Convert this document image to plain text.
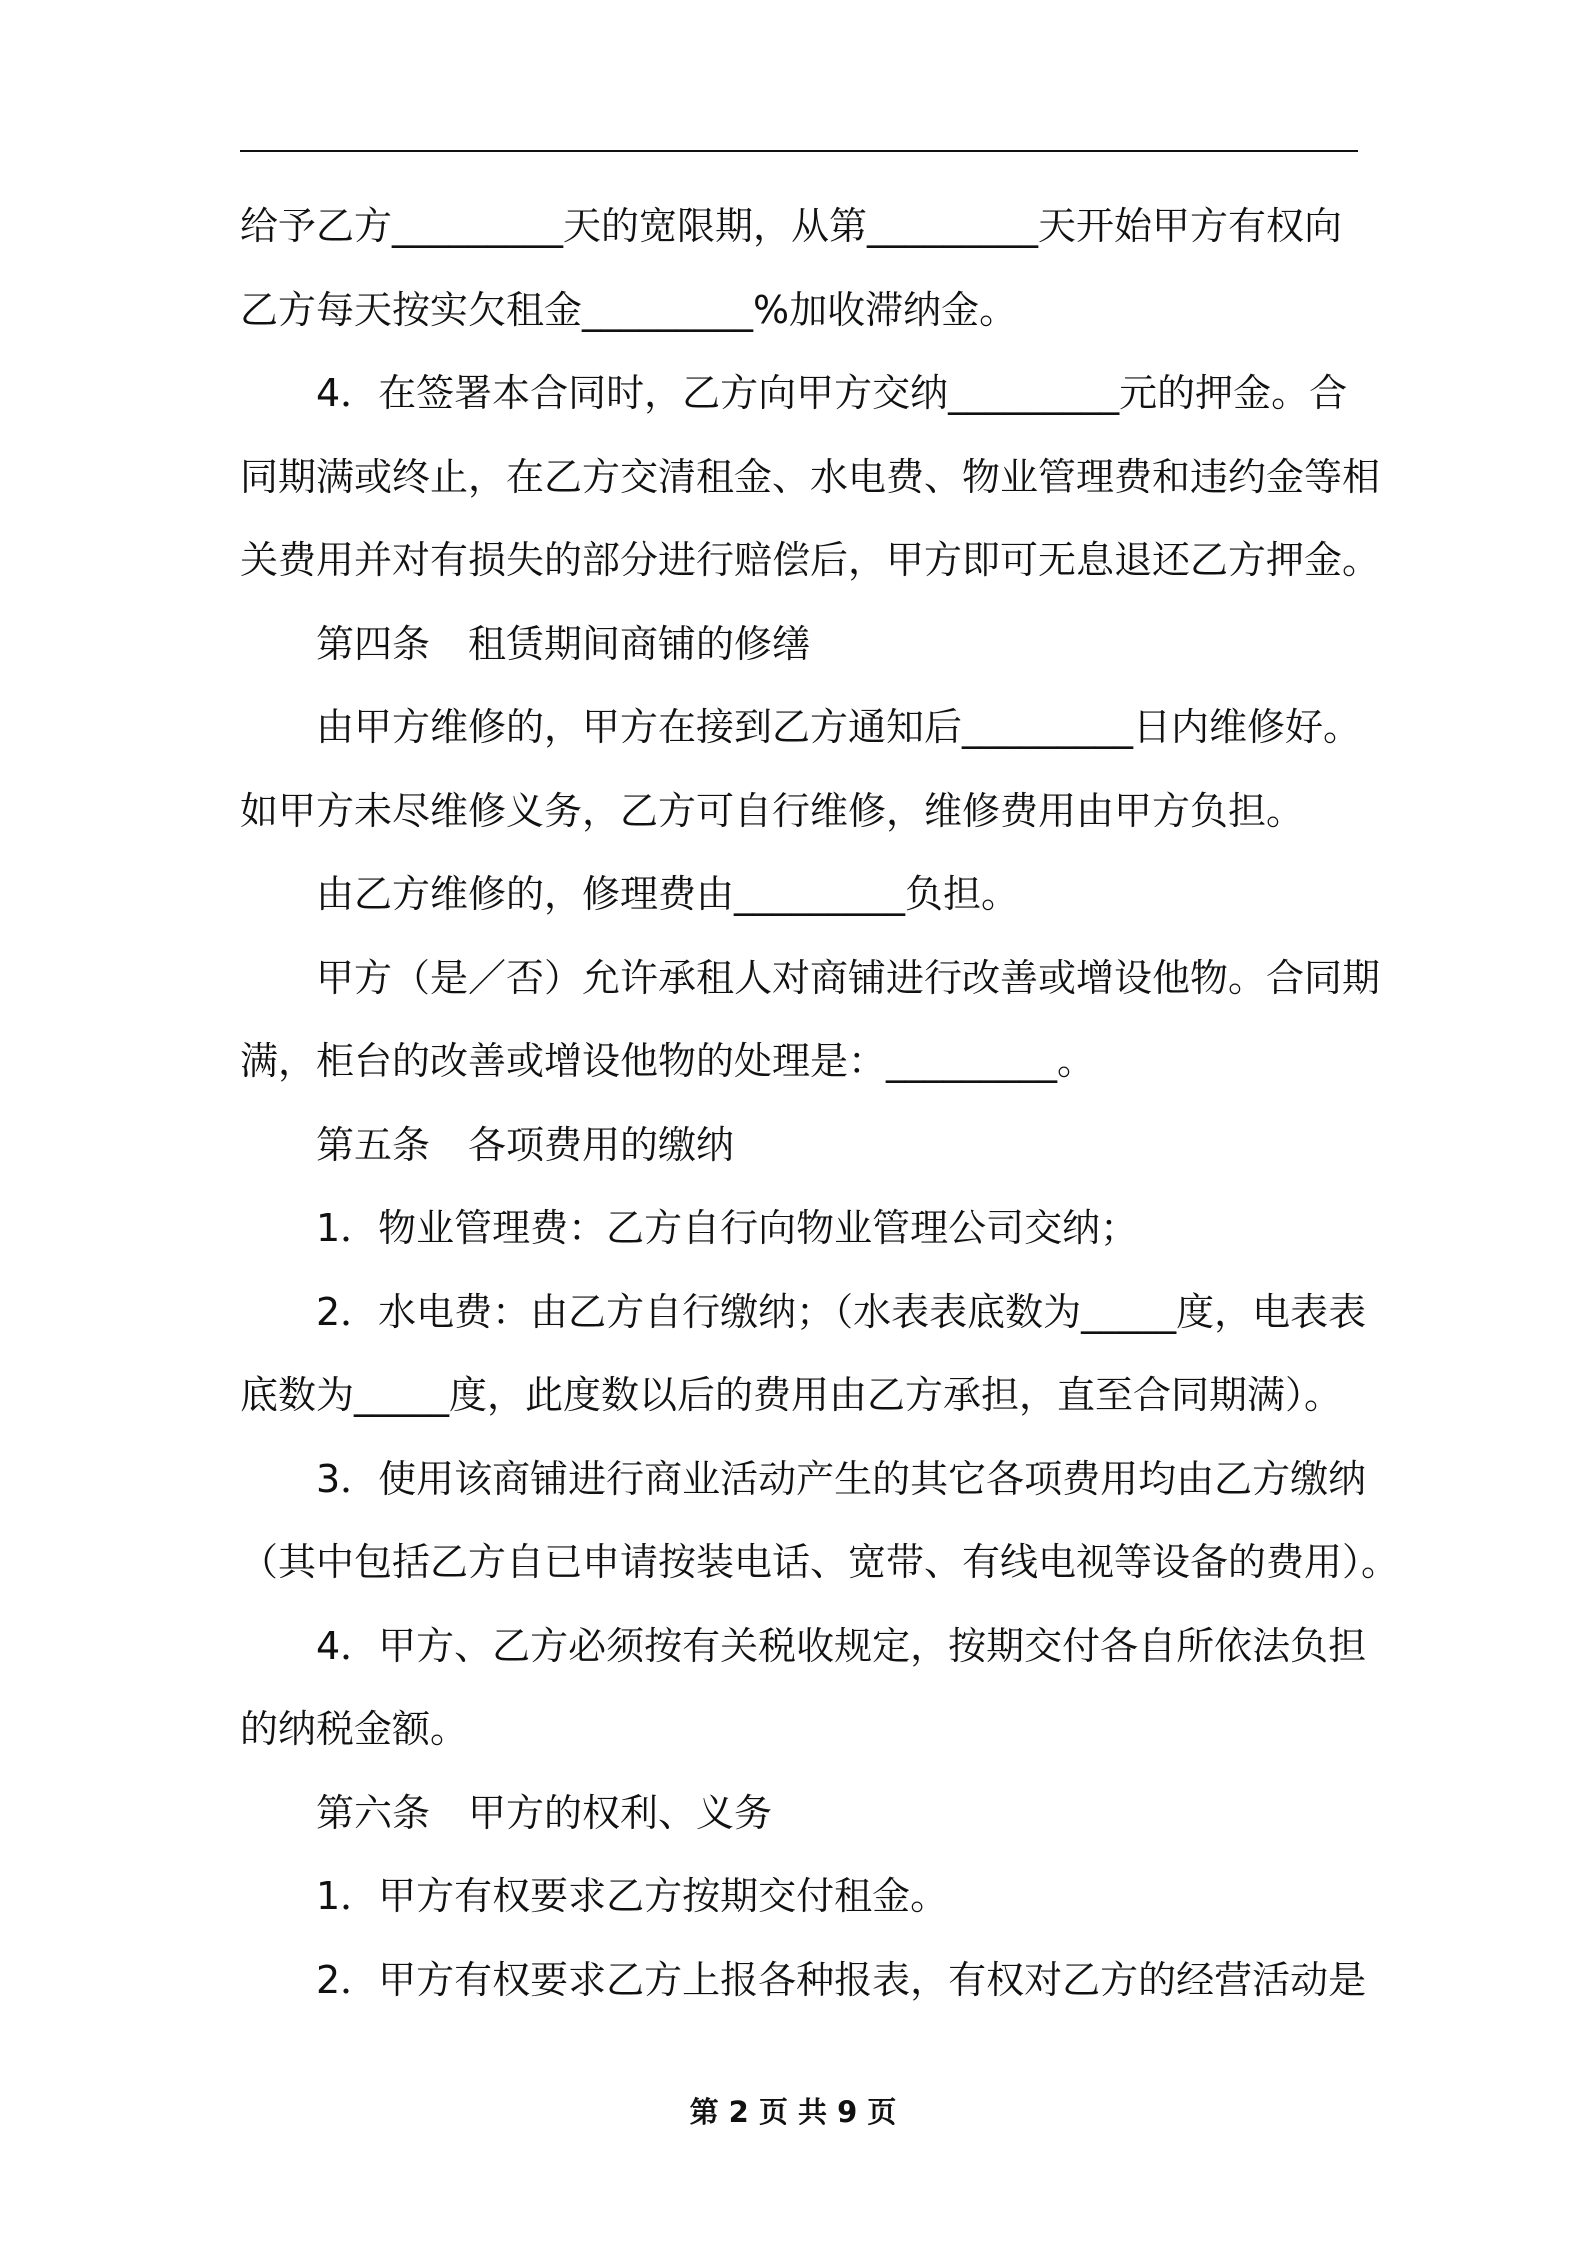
给予乙方_________天的宽限期，从第_________天开始甲方有权向
乙方每天按实欠租金_________%加收滞纳金。
4．在签署本合同时，乙方向甲方交纳_________元的押金。合
同期满或终止，在乙方交清租金、水电费、物业管理费和违约金等相
关费用并对有损失的部分进行赔偿后，甲方即可无息退还乙方押金。
第四条　租赁期间商铺的修缮
由甲方维修的，甲方在接到乙方通知后_________日内维修好。
如甲方未尽维修义务，乙方可自行维修，维修费用由甲方负担。
由乙方维修的，修理费由_________负担。
甲方（是／否）允许承租人对商铺进行改善或增设他物。合同期
满，柜台的改善或增设他物的处理是：_________。
第五条　各项费用的缴纳
1．物业管理费：乙方自行向物业管理公司交纳；
2．水电费：由乙方自行缴纳；（水表表底数为_____度，电表表
底数为_____度，此度数以后的费用由乙方承担，直至合同期满）。
3．使用该商铺进行商业活动产生的其它各项费用均由乙方缴纳
（其中包括乙方自已申请按装电话、宽带、有线电视等设备的费用）。
4．甲方、乙方必须按有关税收规定，按期交付各自所依法负担
的纳税金额。
第六条　甲方的权利、义务
1．甲方有权要求乙方按期交付租金。
2．甲方有权要求乙方上报各种报表，有权对乙方的经营活动是
第 2 页 共 9 页
